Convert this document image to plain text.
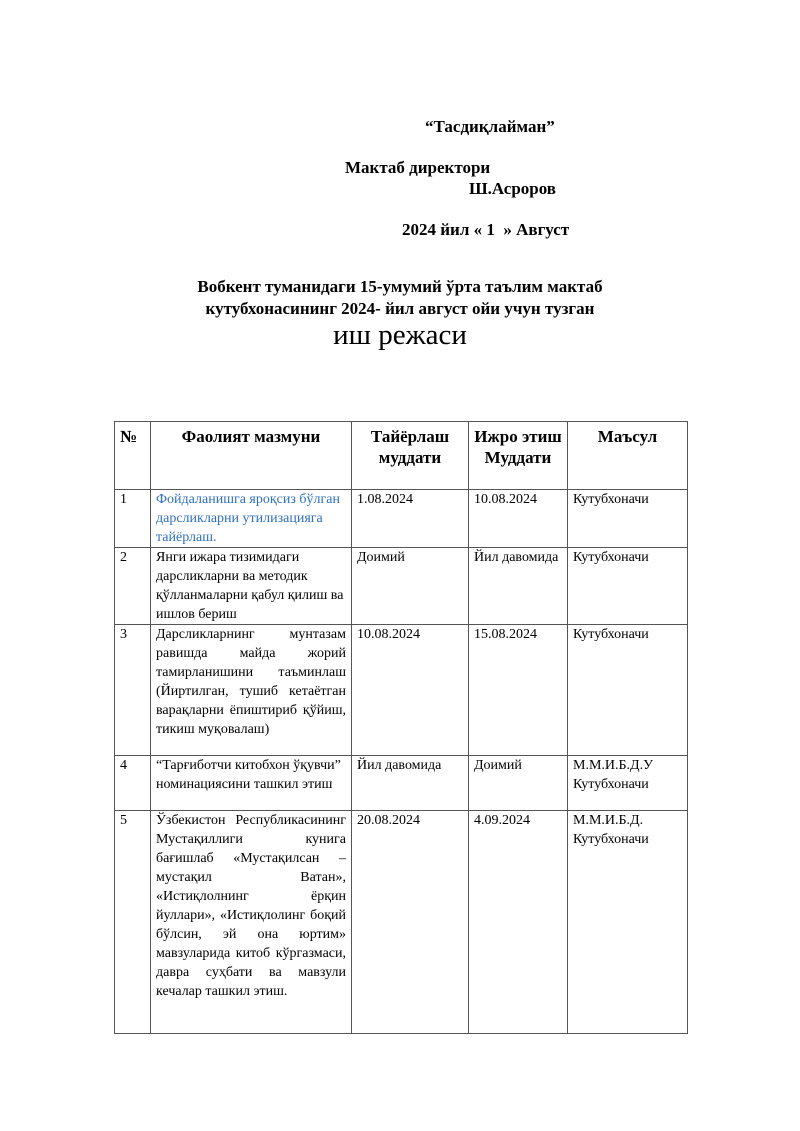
“Тасдиқлайман”
Мактаб директори
Ш.Асроров
2024 йил « 1  » Август
Вобкент туманидаги 15-умумий ўрта таълим мактаб
кутубхонасининг 2024- йил август ойи учун тузган
иш режаси
№	Фаолият мазмуни	Тайёрлаш муддати	Ижро этиш Муддати	Маъсул
1	Фойдаланишга яроқсиз бўлган дарсликларни утилизацияга тайёрлаш.	1.08.2024	10.08.2024	Кутубхоначи
2	Янги ижара тизимидаги дарсликларни ва методик қўлланмаларни қабул қилиш ва ишлов бериш	Доимий	Йил давомида	Кутубхоначи
3	Дарсликларнинг мунтазам равишда майда жорий тамирланишини таъминлаш (Йиртилган, тушиб кетаётган варақларни ёпиштириб қўйиш, тикиш муқовалаш)	10.08.2024	15.08.2024	Кутубхоначи
4	“Тарғиботчи китобхон ўқувчи” номинациясини ташкил этиш	Йил давомида	Доимий	М.М.И.Б.Д.У Кутубхоначи
5	Ўзбекистон Республикасининг Мустақиллиги кунига бағишлаб «Мустақилсан – мустақил Ватан», «Истиқлолнинг ёрқин йуллари», «Истиқлолинг боқий бўлсин, эй она юртим» мавзуларида китоб кўргазмаси, давра суҳбати ва мавзули кечалар ташкил этиш.	20.08.2024	4.09.2024	М.М.И.Б.Д. Кутубхоначи
